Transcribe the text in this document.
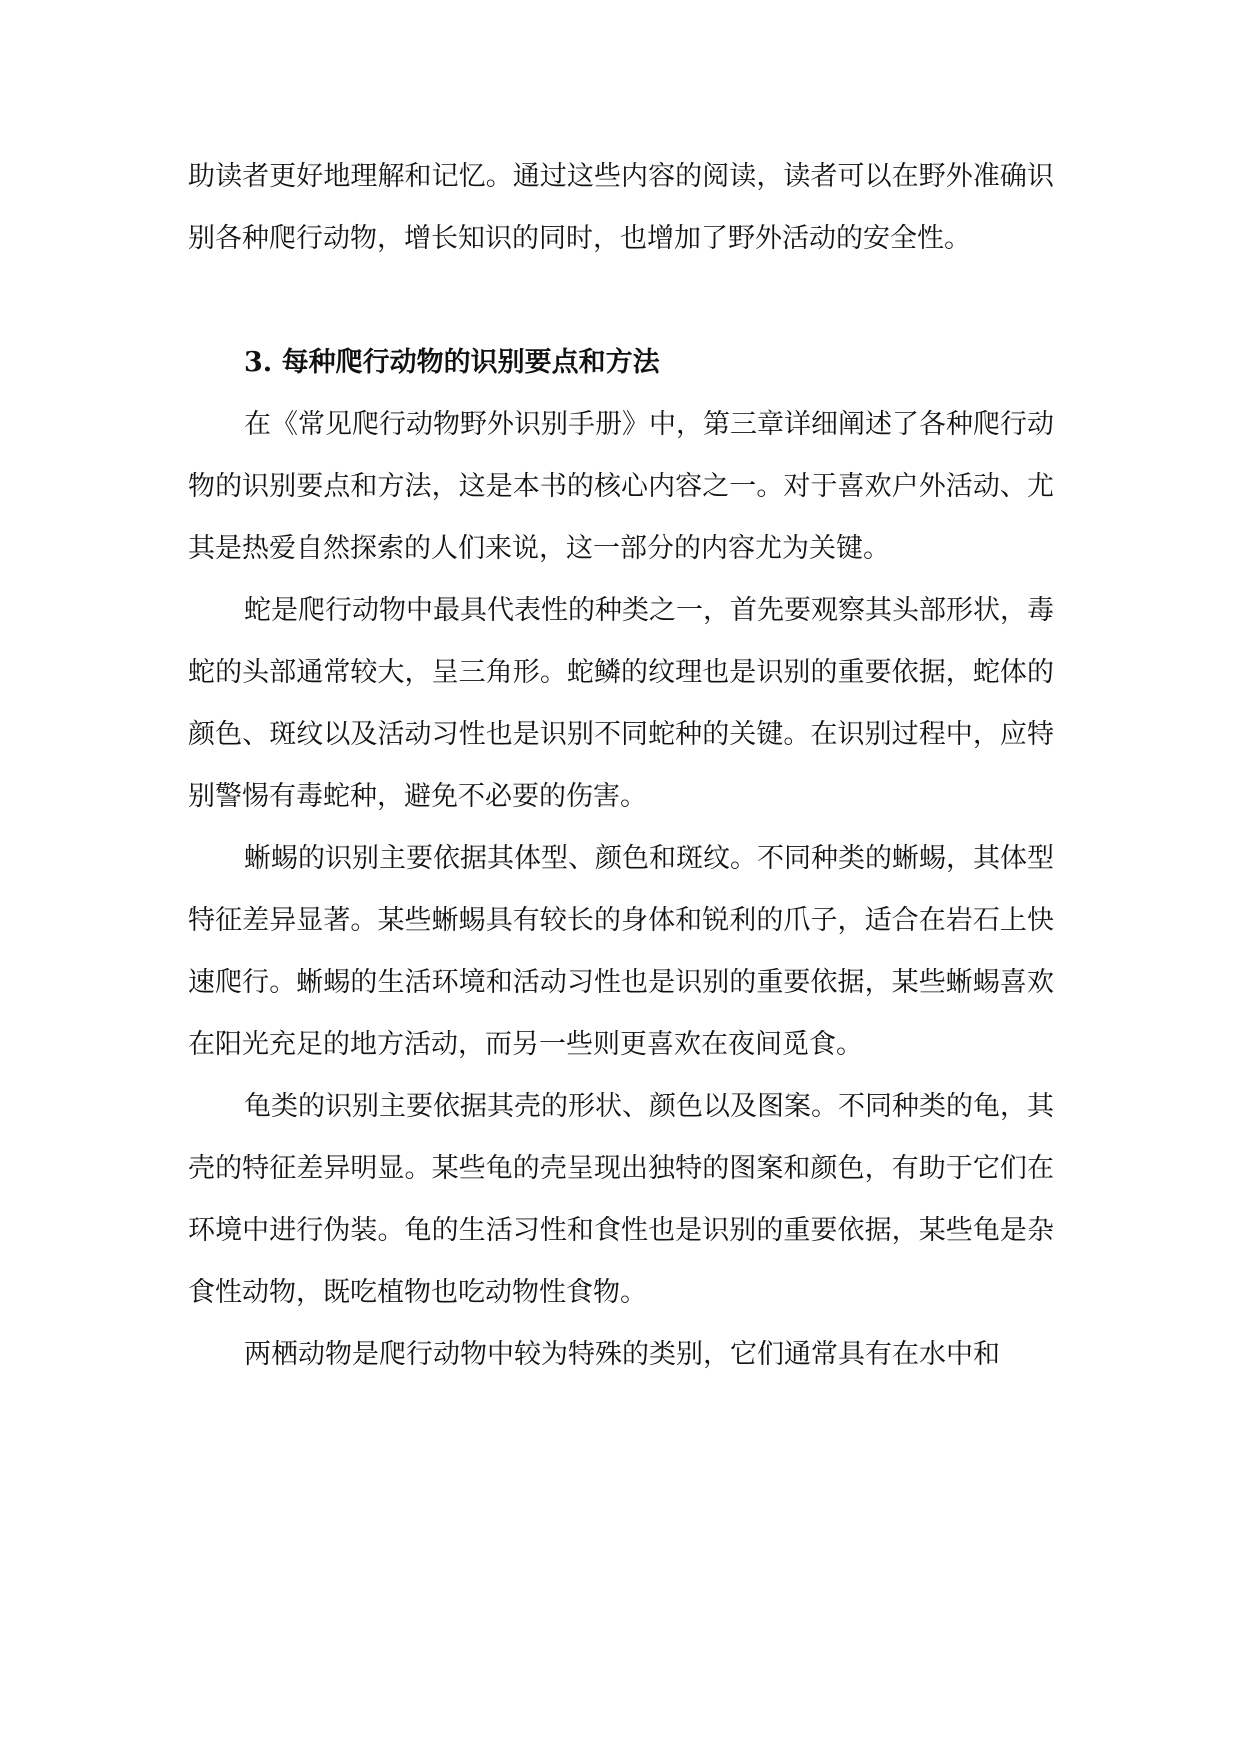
助读者更好地理解和记忆。通过这些内容的阅读，读者可以在野外准确识别各种爬行动物，增长知识的同时，也增加了野外活动的安全性。

3. 每种爬行动物的识别要点和方法

在《常见爬行动物野外识别手册》中，第三章详细阐述了各种爬行动物的识别要点和方法，这是本书的核心内容之一。对于喜欢户外活动、尤其是热爱自然探索的人们来说，这一部分的内容尤为关键。

蛇是爬行动物中最具代表性的种类之一，首先要观察其头部形状，毒蛇的头部通常较大，呈三角形。蛇鳞的纹理也是识别的重要依据，蛇体的颜色、斑纹以及活动习性也是识别不同蛇种的关键。在识别过程中，应特别警惕有毒蛇种，避免不必要的伤害。

蜥蜴的识别主要依据其体型、颜色和斑纹。不同种类的蜥蜴，其体型特征差异显著。某些蜥蜴具有较长的身体和锐利的爪子，适合在岩石上快速爬行。蜥蜴的生活环境和活动习性也是识别的重要依据，某些蜥蜴喜欢在阳光充足的地方活动，而另一些则更喜欢在夜间觅食。

龟类的识别主要依据其壳的形状、颜色以及图案。不同种类的龟，其壳的特征差异明显。某些龟的壳呈现出独特的图案和颜色，有助于它们在环境中进行伪装。龟的生活习性和食性也是识别的重要依据，某些龟是杂食性动物，既吃植物也吃动物性食物。

两栖动物是爬行动物中较为特殊的类别，它们通常具有在水中和
